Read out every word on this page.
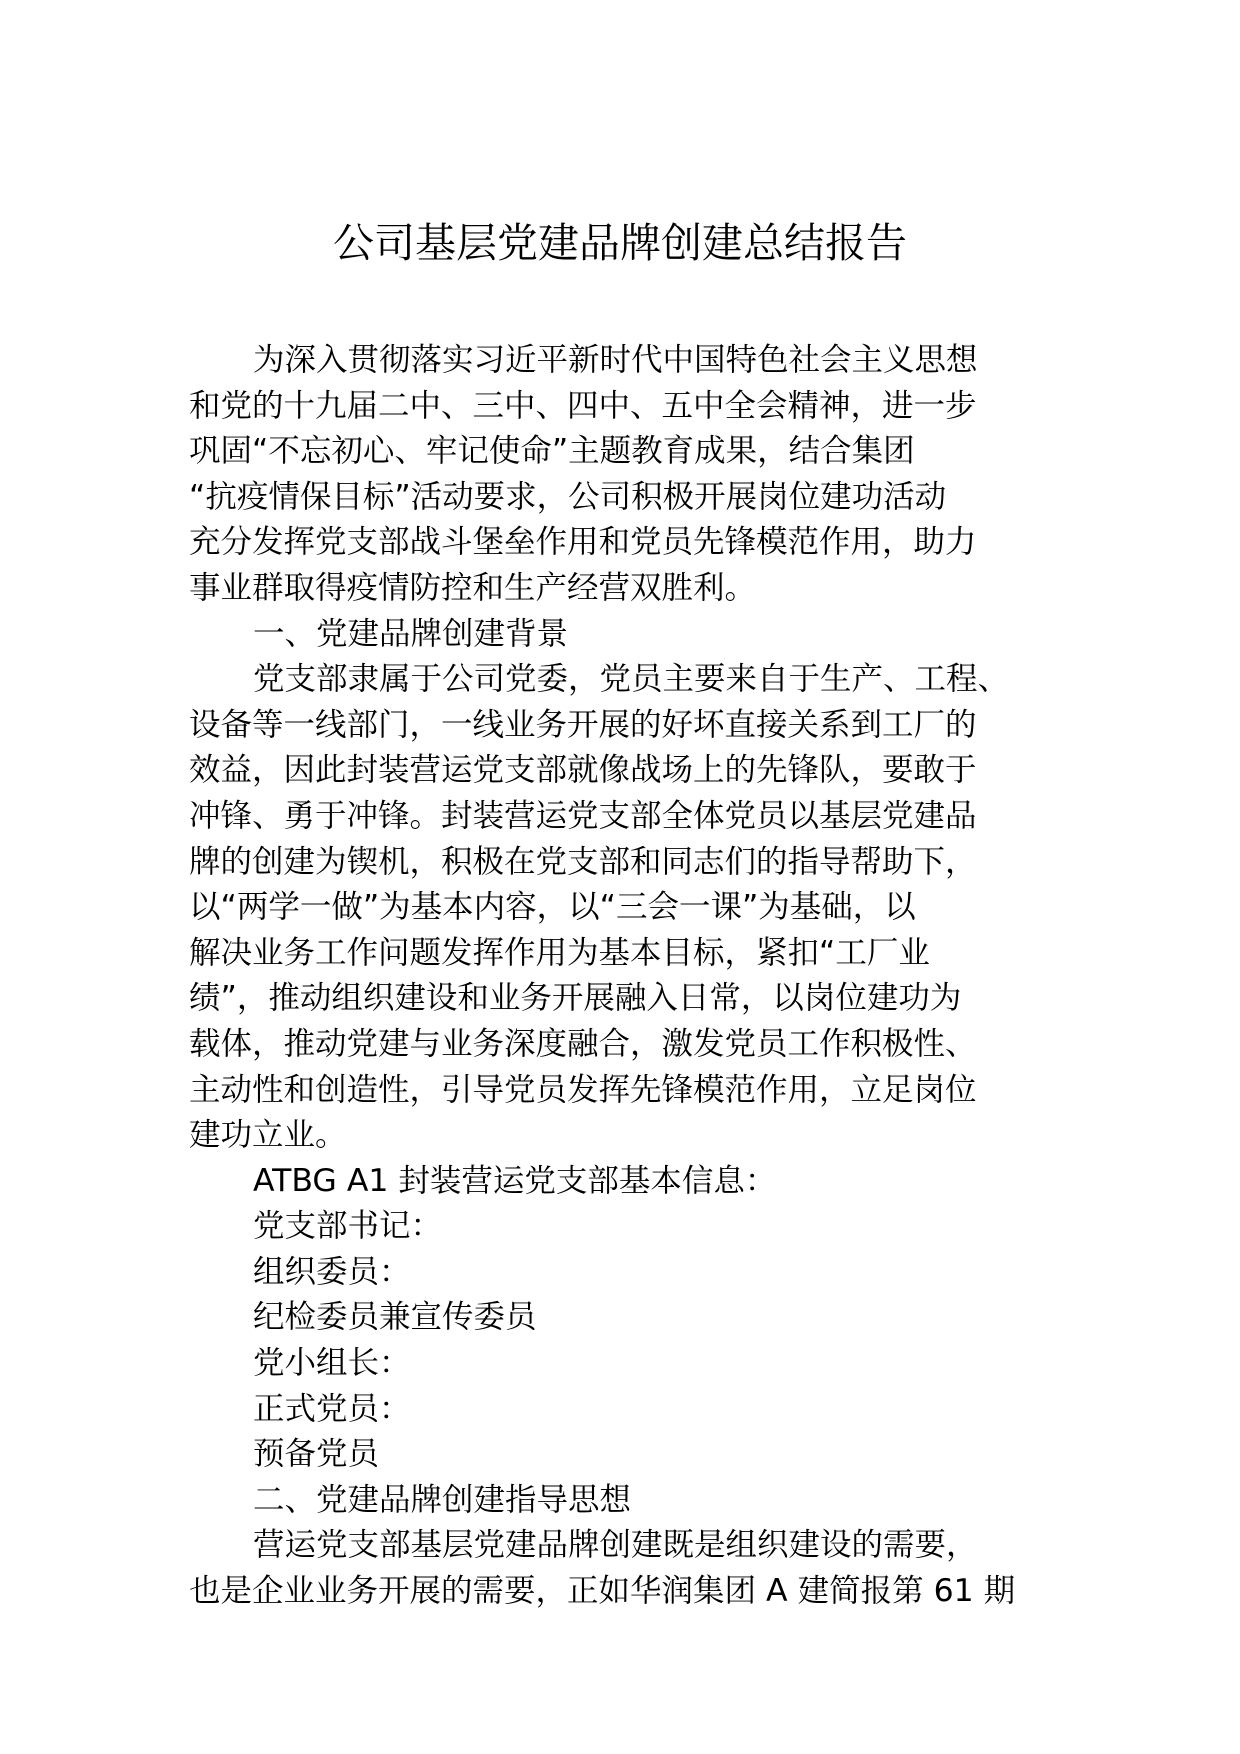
公司基层党建品牌创建总结报告
为深入贯彻落实习近平新时代中国特色社会主义思想
和党的十九届二中、三中、四中、五中全会精神，进一步
巩固“不忘初心、牢记使命”主题教育成果，结合集团
“抗疫情保目标”活动要求，公司积极开展岗位建功活动
充分发挥党支部战斗堡垒作用和党员先锋模范作用，助力
事业群取得疫情防控和生产经营双胜利。
一、党建品牌创建背景
党支部隶属于公司党委，党员主要来自于生产、工程、
设备等一线部门，一线业务开展的好坏直接关系到工厂的
效益，因此封装营运党支部就像战场上的先锋队，要敢于
冲锋、勇于冲锋。封装营运党支部全体党员以基层党建品
牌的创建为锲机，积极在党支部和同志们的指导帮助下，
以“两学一做”为基本内容，以“三会一课”为基础，以
解决业务工作问题发挥作用为基本目标，紧扣“工厂业
绩”，推动组织建设和业务开展融入日常，以岗位建功为
载体，推动党建与业务深度融合，激发党员工作积极性、
主动性和创造性，引导党员发挥先锋模范作用，立足岗位
建功立业。
ATBG A1 封装营运党支部基本信息：
党支部书记：
组织委员：
纪检委员兼宣传委员
党小组长：
正式党员：
预备党员
二、党建品牌创建指导思想
营运党支部基层党建品牌创建既是组织建设的需要，
也是企业业务开展的需要，正如华润集团 A 建简报第 61 期
